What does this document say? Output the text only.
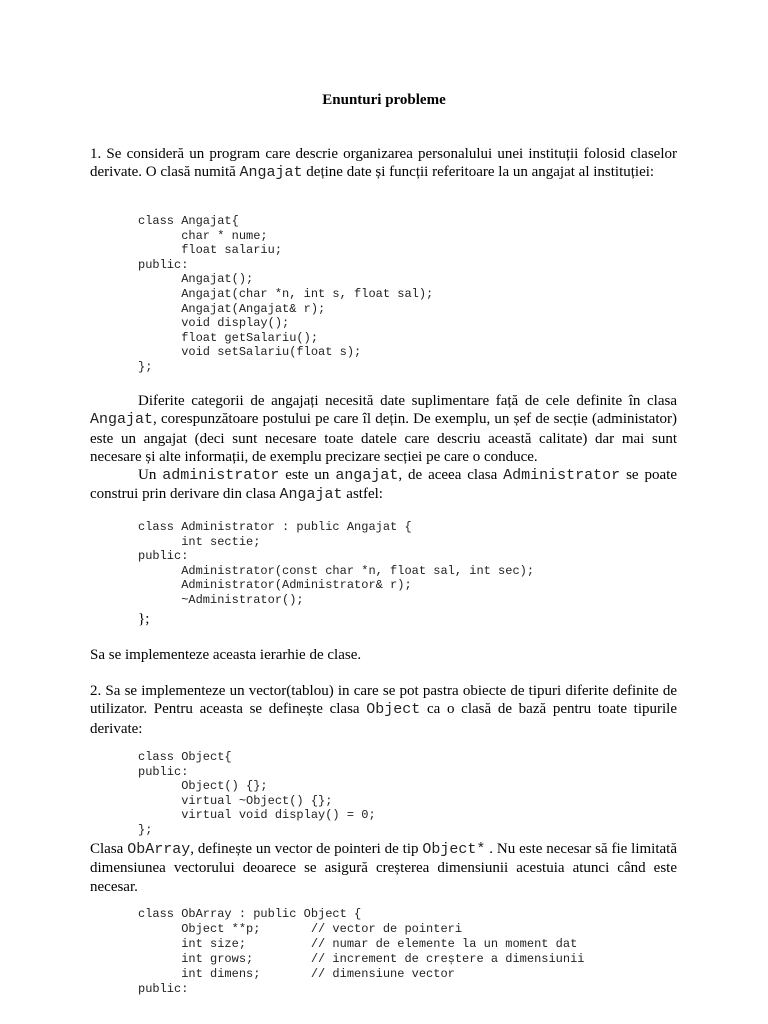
Enunturi probleme
1. Se consideră un program care descrie organizarea personalului unei instituții folosid claselor derivate. O clasă numită Angajat deține date și funcții referitoare la un angajat al instituției:
class Angajat{
char * nume;
float salariu;
public:
Angajat();
Angajat(char *n, int s, float sal);
Angajat(Angajat& r);
void display();
float getSalariu();
void setSalariu(float s);
};
Diferite categorii de angajați necesită date suplimentare față de cele definite în clasa Angajat, corespunzătoare postului pe care îl dețin. De exemplu, un șef de secție (administator) este un angajat (deci sunt necesare toate datele care descriu această calitate) dar mai sunt necesare și alte informații, de exemplu precizare secției pe care o conduce.
Un administrator este un angajat, de aceea clasa Administrator se poate construi prin derivare din clasa Angajat astfel:
class Administrator : public Angajat {
int sectie;
public:
Administrator(const char *n, float sal, int sec);
Administrator(Administrator& r);
~Administrator();
};
Sa se implementeze aceasta ierarhie de clase.
2. Sa se implementeze un vector(tablou) in care se pot pastra obiecte de tipuri diferite definite de utilizator. Pentru aceasta se definește clasa Object ca o clasă de bază pentru toate tipurile derivate:
class Object{
public:
Object() {};
virtual ~Object() {};
virtual void display() = 0;
};
Clasa ObArray, definește un vector de pointeri de tip Object* . Nu este necesar să fie limitată dimensiunea vectorului deoarece se asigură creșterea dimensiunii acestuia atunci când este necesar.
class ObArray : public Object {
Object **p;       // vector de pointeri
int size;         // numar de elemente la un moment dat
int grows;        // increment de creștere a dimensiunii
int dimens;       // dimensiune vector
public:
